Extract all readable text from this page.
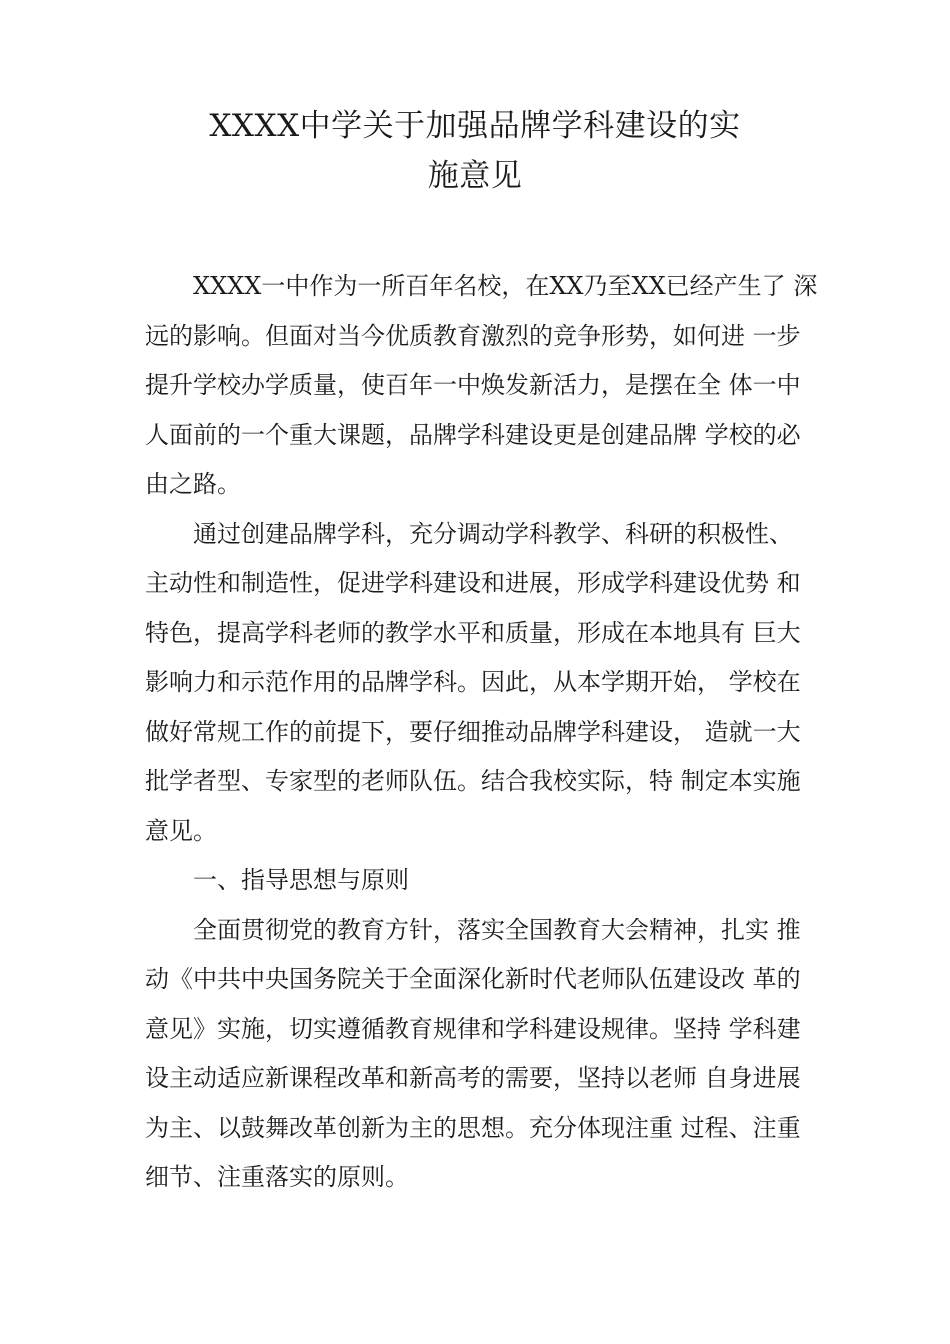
XXXX中学关于加强品牌学科建设的实
施意见
XXXX一中作为一所百年名校，在XX乃至XX已经产生了 深
远的影响。但面对当今优质教育激烈的竞争形势，如何进 一步
提升学校办学质量，使百年一中焕发新活力，是摆在全 体一中
人面前的一个重大课题，品牌学科建设更是创建品牌 学校的必
由之路。
通过创建品牌学科，充分调动学科教学、科研的积极性、
主动性和制造性，促进学科建设和进展，形成学科建设优势 和
特色，提高学科老师的教学水平和质量，形成在本地具有 巨大
影响力和示范作用的品牌学科。因此，从本学期开始， 学校在
做好常规工作的前提下，要仔细推动品牌学科建设， 造就一大
批学者型、专家型的老师队伍。结合我校实际，特 制定本实施
意见。
一、指导思想与原则
全面贯彻党的教育方针，落实全国教育大会精神，扎实 推
动《中共中央国务院关于全面深化新时代老师队伍建设改 革的
意见》实施，切实遵循教育规律和学科建设规律。坚持 学科建
设主动适应新课程改革和新高考的需要，坚持以老师 自身进展
为主、以鼓舞改革创新为主的思想。充分体现注重 过程、注重
细节、注重落实的原则。
